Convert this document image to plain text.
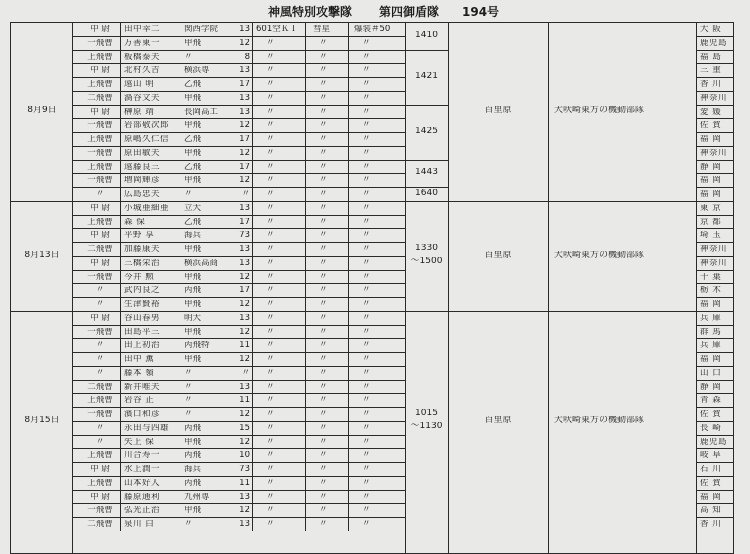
神風特別攻撃隊 第四御盾隊 194号
中 尉	田中幸二	関西学院	13 601空ＫＩ	彗星	爆装＃50	大 阪
一飛曹	万善東一	甲飛	12 〃	〃	〃	鹿児島
上飛曹	板橋泰夫	〃	8 〃	〃	〃	福 島
中 尉	北村久吉	横浜専	13 〃	〃	〃	三 重
上飛曹	遠山 明	乙飛	17 〃	〃	〃	香 川
二飛曹	渦谷文夫	甲飛	13 〃	〃	〃	神奈川
中 尉	榊原 靖	長岡高工	13 〃	〃	〃	愛 媛
一飛曹	岩部敬次郎	甲飛	12 〃	〃	〃	佐 賀
上飛曹	原嶋久仁信	乙飛	17 〃	〃	〃	福 岡
一飛曹	原田敏夫	甲飛	12 〃	〃	〃	神奈川
上飛曹	遠藤良三	乙飛	17 〃	〃	〃	静 岡
一飛曹	増岡輝彦	甲飛	12 〃	〃	〃	福 岡
〃	広島忠夫	〃	〃 〃	〃	〃	福 岡
8月9日	百里原	犬吠崎東方の機動部隊
1410
1421
1425
1443
1640
中 尉	小城亜細亜	立大	13 〃	〃	〃	東 京
上飛曹	森 保	乙飛	17 〃	〃	〃	京 都
中 尉	平野 享	海兵	73 〃	〃	〃	埼 玉
二飛曹	加藤康夫	甲飛	13 〃	〃	〃	神奈川
中 尉	三橋栄治	横浜高商	13 〃	〃	〃	神奈川
一飛曹	今井 勲	甲飛	12 〃	〃	〃	千 葉
〃	武内良之	丙飛	17 〃	〃	〃	栃 木
〃	生津賢裕	甲飛	12 〃	〃	〃	福 岡
8月13日	百里原	犬吠崎東方の機動部隊
1330
～1500
中 尉	谷山春男	明大	13 〃	〃	〃	兵 庫
一飛曹	田島平三	甲飛	12 〃	〃	〃	群 馬
〃	田上初治	丙飛特	11 〃	〃	〃	兵 庫
〃	田中 薫	甲飛	12 〃	〃	〃	福 岡
〃	藤本 嶺	〃	〃 〃	〃	〃	山 口
二飛曹	新井唯夫	〃	13 〃	〃	〃	静 岡
上飛曹	岩谷 正	〃	11 〃	〃	〃	青 森
一飛曹	濱口和彦	〃	12 〃	〃	〃	佐 賀
〃	永田与四雄	丙飛	15 〃	〃	〃	長 崎
〃	矢上 保	甲飛	12 〃	〃	〃	鹿児島
上飛曹	川合寿一	丙飛	10 〃	〃	〃	岐 阜
中 尉	水上潤一	海兵	73 〃	〃	〃	石 川
上飛曹	山本好人	丙飛	11 〃	〃	〃	佐 賀
中 尉	藤原通利	九州専	13 〃	〃	〃	福 岡
一飛曹	弘光正治	甲飛	12 〃	〃	〃	高 知
二飛曹	泉川 白	〃	13 〃	〃	〃	香 川
8月15日	百里原	犬吠崎東方の機動部隊
1015
～1130
